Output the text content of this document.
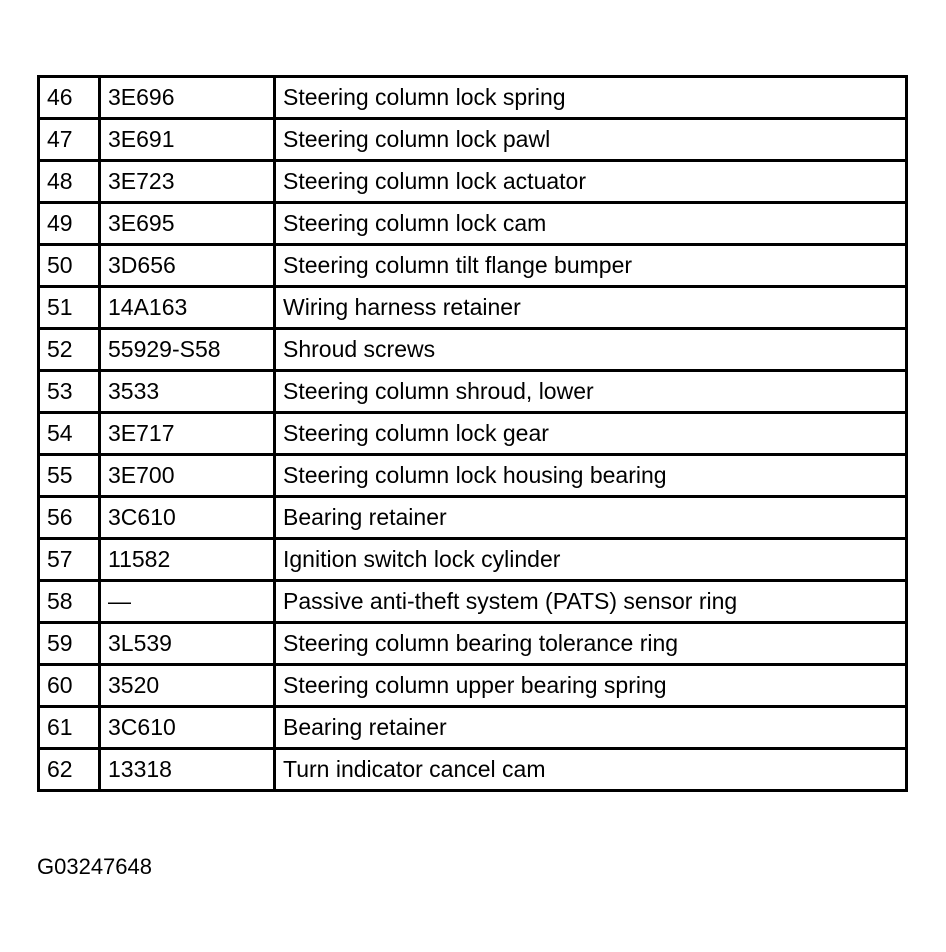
46	3E696	Steering column lock spring
47	3E691	Steering column lock pawl
48	3E723	Steering column lock actuator
49	3E695	Steering column lock cam
50	3D656	Steering column tilt flange bumper
51	14A163	Wiring harness retainer
52	55929-S58	Shroud screws
53	3533	Steering column shroud, lower
54	3E717	Steering column lock gear
55	3E700	Steering column lock housing bearing
56	3C610	Bearing retainer
57	11582	Ignition switch lock cylinder
58	—	Passive anti-theft system (PATS) sensor ring
59	3L539	Steering column bearing tolerance ring
60	3520	Steering column upper bearing spring
61	3C610	Bearing retainer
62	13318	Turn indicator cancel cam
G03247648
